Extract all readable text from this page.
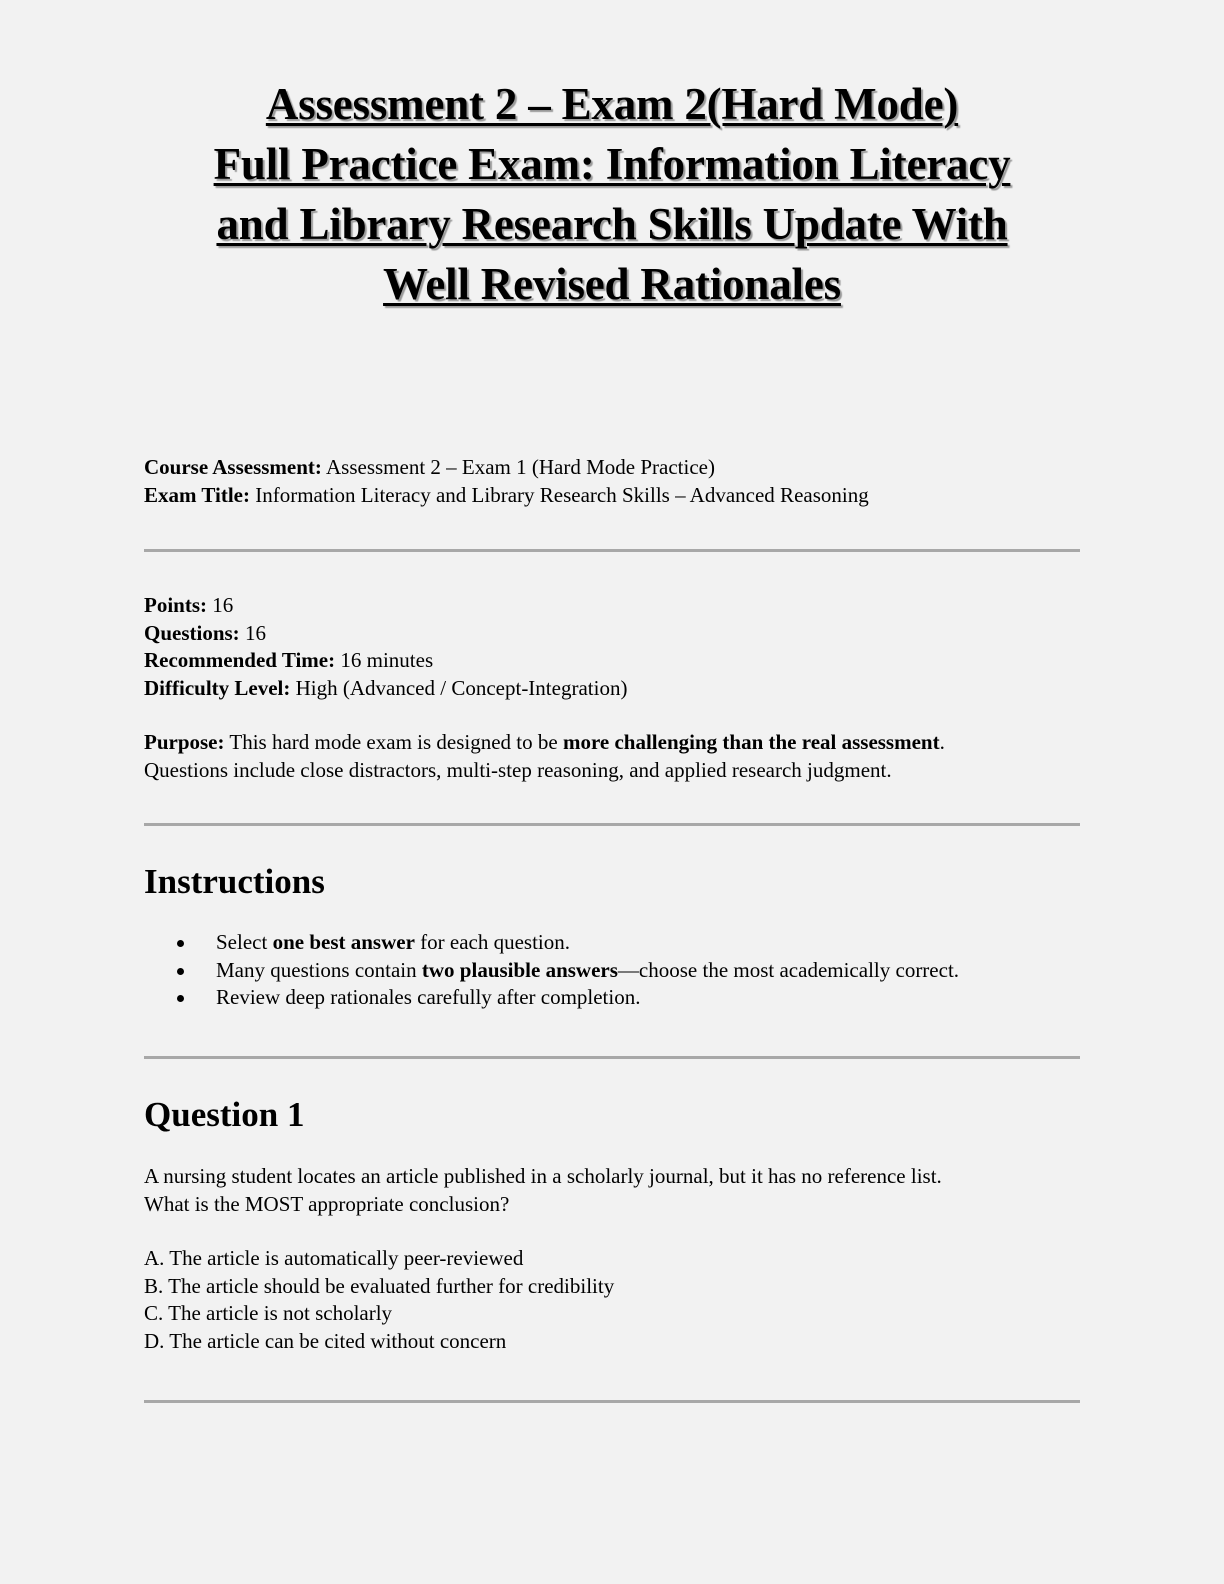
Assessment 2 – Exam 2(Hard Mode)
Full Practice Exam: Information Literacy
and Library Research Skills Update With
Well Revised Rationales
Course Assessment: Assessment 2 – Exam 1 (Hard Mode Practice)
Exam Title: Information Literacy and Library Research Skills – Advanced Reasoning
Points: 16
Questions: 16
Recommended Time: 16 minutes
Difficulty Level: High (Advanced / Concept-Integration)
Purpose: This hard mode exam is designed to be more challenging than the real assessment.
Questions include close distractors, multi-step reasoning, and applied research judgment.
Instructions
Select one best answer for each question.
Many questions contain two plausible answers—choose the most academically correct.
Review deep rationales carefully after completion.
Question 1
A nursing student locates an article published in a scholarly journal, but it has no reference list.
What is the MOST appropriate conclusion?
A. The article is automatically peer-reviewed
B. The article should be evaluated further for credibility
C. The article is not scholarly
D. The article can be cited without concern
